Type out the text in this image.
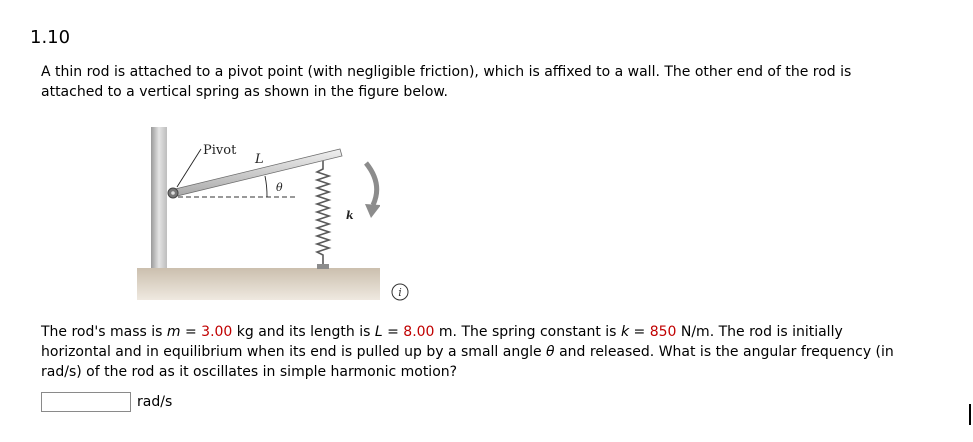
1.10

A thin rod is attached to a pivot point (with negligible friction), which is affixed to a wall. The other end of the rod is
attached to a vertical spring as shown in the figure below.

Pivot
L
θ
k
i

The rod's mass is m = 3.00 kg and its length is L = 8.00 m. The spring constant is k = 850 N/m. The rod is initially
horizontal and in equilibrium when its end is pulled up by a small angle θ and released. What is the angular frequency (in
rad/s) of the rod as it oscillates in simple harmonic motion?

rad/s
